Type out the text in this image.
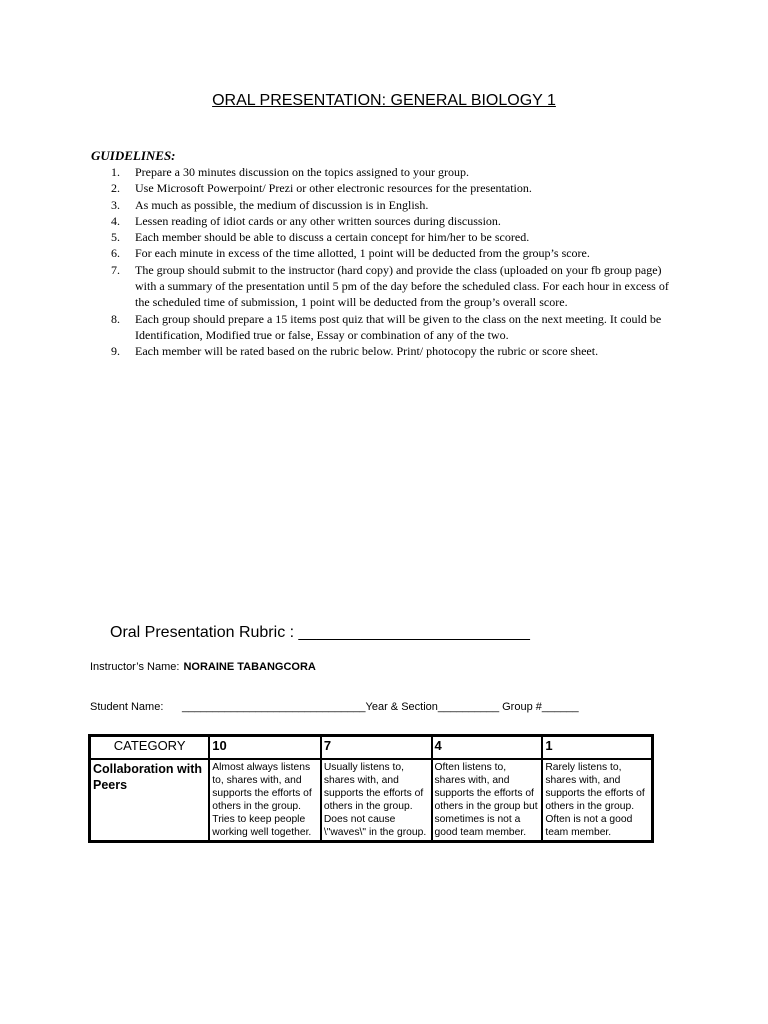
ORAL PRESENTATION: GENERAL BIOLOGY 1
GUIDELINES:
1. Prepare a 30 minutes discussion on the topics assigned to your group.
2. Use Microsoft Powerpoint/ Prezi or other electronic resources for the presentation.
3. As much as possible, the medium of discussion is in English.
4. Lessen reading of idiot cards or any other written sources during discussion.
5. Each member should be able to discuss a certain concept for him/her to be scored.
6. For each minute in excess of the time allotted, 1 point will be deducted from the group’s score.
7. The group should submit to the instructor (hard copy) and provide the class (uploaded on your fb group page) with a summary of the presentation until 5 pm of the day before the scheduled class. For each hour in excess of the scheduled time of submission, 1 point will be deducted from the group’s overall score.
8. Each group should prepare a 15 items post quiz that will be given to the class on the next meeting. It could be Identification, Modified true or false, Essay or combination of any of the two.
9. Each member will be rated based on the rubric below. Print/ photocopy the rubric or score sheet.
Oral Presentation Rubric : __________________________
Instructor’s Name: NORAINE TABANGCORA
Student Name: ______________________________Year & Section__________ Group #______
CATEGORY	10	7	4	1
Collaboration with Peers	Almost always listens to, shares with, and supports the efforts of others in the group. Tries to keep people working well together.	Usually listens to, shares with, and supports the efforts of others in the group. Does not cause \"waves\" in the group.	Often listens to, shares with, and supports the efforts of others in the group but sometimes is not a good team member.	Rarely listens to, shares with, and supports the efforts of others in the group. Often is not a good team member.
